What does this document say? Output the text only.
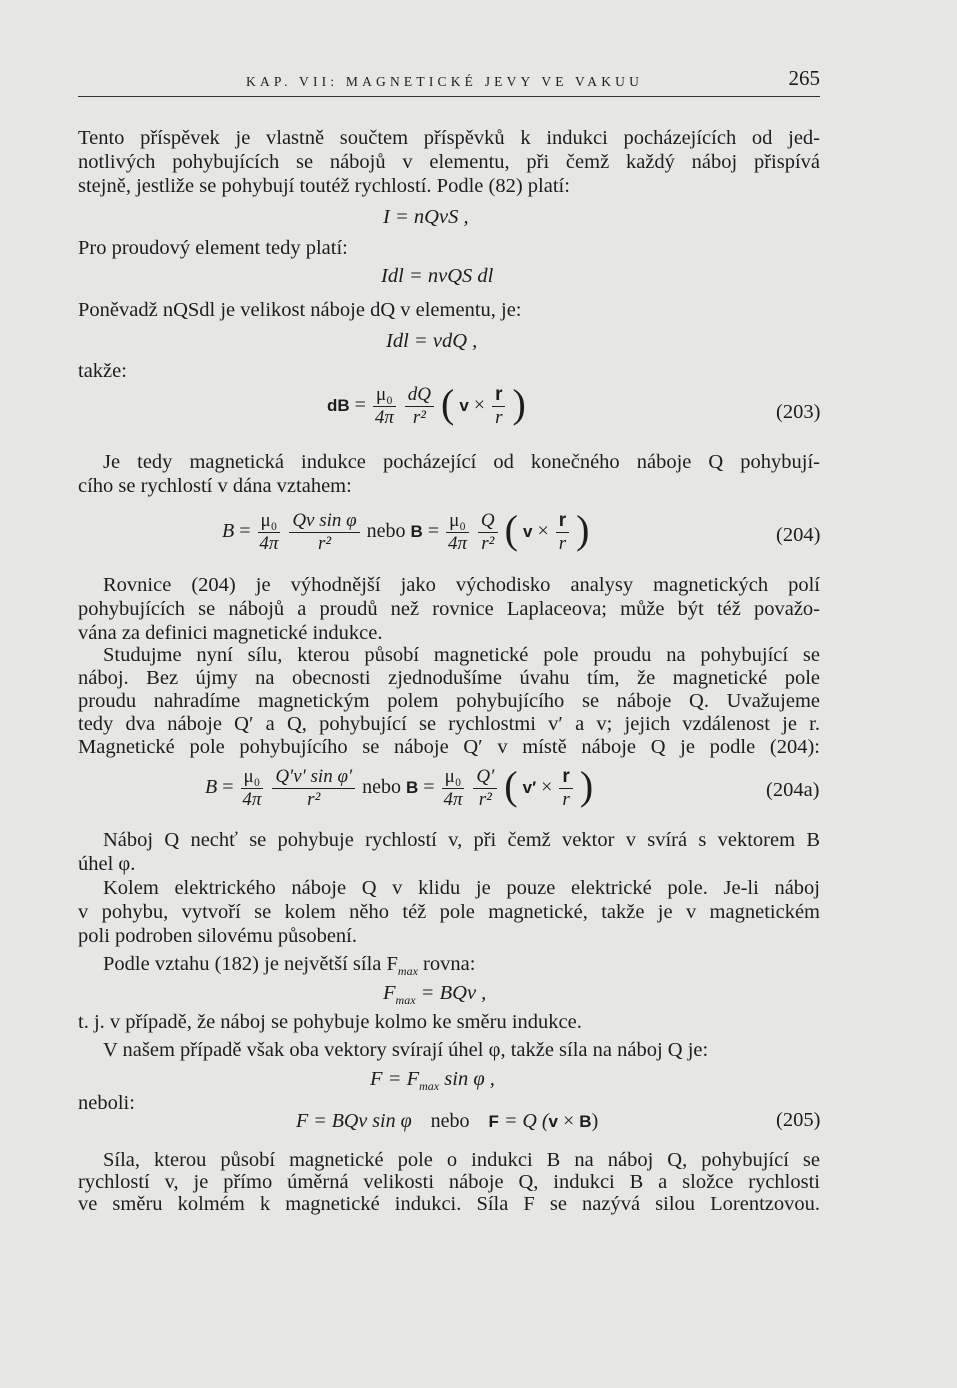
KAP. VII: MAGNETICKÉ JEVY VE VAKUU	265
Tento příspěvek je vlastně součtem příspěvků k indukci pocházejících od jed-
notlivých pohybujících se nábojů v elementu, při čemž každý náboj přispívá
stejně, jestliže se pohybují toutéž rychlostí. Podle (82) platí:
I = nQvS ,
Pro proudový element tedy platí:
Idl = nvQS dl
Poněvadž nQSdl je velikost náboje dQ v elementu, je:
Idl = vdQ ,
takže:
dB = $\frac{\text{μ₀}}{4\pi}$
$\frac{dQ}{\text{r²}}$ ( $v \times \frac{r}{r}$ )	(203)
Je tedy magnetická indukce pocházející od konečného náboje Q pohybují-
cího se rychlostí v dána vztahem:
$B = \frac{\text{μ₀}}{4\pi}$
$\frac{\text{Qv sin φ}}{\text{r²}}$ nebo $B = \frac{\text{μ₀}}{4\pi}$
$\frac{Q}{\text{r²}}$ ( $v \times \frac{r}{r}$ )	(204)
Rovnice (204) je výhodnější jako východisko analysy magnetických polí
pohybujících se nábojů a proudů než rovnice Laplaceova; může být též považo-
vána za definici magnetické indukce.
Studujme nyní sílu, kterou působí magnetické pole proudu na pohybující se
náboj. Bez újmy na obecnosti zjednodušíme úvahu tím, že magnetické pole
proudu nahradíme magnetickým polem pohybujícího se náboje Q. Uvažujeme
tedy dva náboje Q′ a Q, pohybující se rychlostmi v′ a v; jejich vzdálenost je r.
Magnetické pole pohybujícího se náboje Q′ v místě náboje Q je podle (204):
$B = \frac{\text{μ₀}}{4\pi}$
$\frac{\text{Q′v′ sin φ′}}{\text{r²}}$ nebo $B = \frac{\text{μ₀}}{4\pi}$
$\frac{Q'}{\text{r²}}$ ( $v' \times \frac{r}{r}$ )	(204a)
Náboj Q nechť se pohybuje rychlostí v, při čemž vektor v svírá s vektorem B
úhel φ.
Kolem elektrického náboje Q v klidu je pouze elektrické pole. Je-li náboj
v pohybu, vytvoří se kolem něho též pole magnetické, takže je v magnetickém
poli podroben silovému působení.
Podle vztahu (182) je největší síla $F_{max}$ rovna:
$F_{max}$ = BQv ,
t. j. v případě, že náboj se pohybuje kolmo ke směru indukce.
V našem případě však oba vektory svírají úhel φ, takže síla na náboj Q je:
$F = F_{max}$ sin φ ,
neboli:
F = BQv sin φ nebo F = Q (v × B)	(205)
Síla, kterou působí magnetické pole o indukci B na náboj Q, pohybující se
rychlostí v, je přímo úměrná velikosti náboje Q, indukci B a složce rychlosti
ve směru kolmém k magnetické indukci. Síla F se nazývá silou Lorentzovou.
